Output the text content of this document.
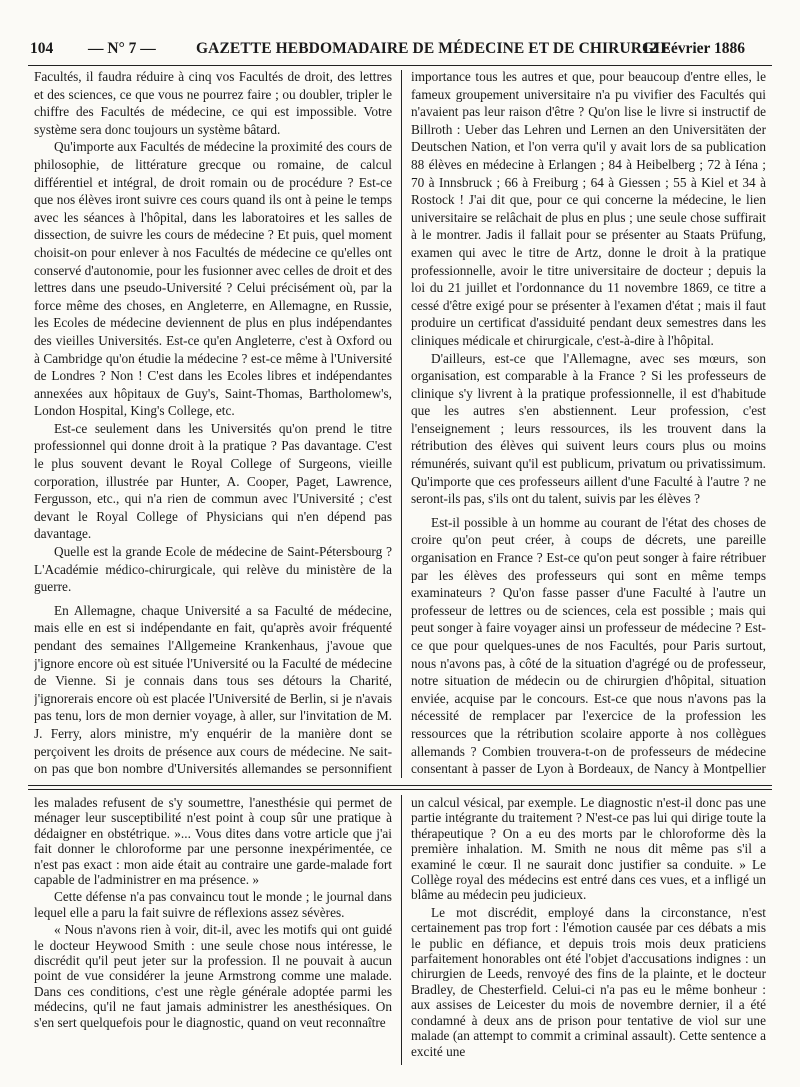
104 — N° 7 —	GAZETTE HEBDOMADAIRE DE MÉDECINE ET DE CHIRURGIE
12 Février 1886

Facultés, il faudra réduire à cinq vos Facultés de droit, des lettres et des sciences, ce que vous ne pourrez faire ; ou doubler, tripler le chiffre des Facultés de médecine, ce qui est impossible. Votre système sera donc toujours un système bâtard.

Qu'importe aux Facultés de médecine la proximité des cours de philosophie, de littérature grecque ou romaine, de calcul différentiel et intégral, de droit romain ou de procédure ? Est-ce que nos élèves iront suivre ces cours quand ils ont à peine le temps avec les séances à l'hôpital, dans les laboratoires et les salles de dissection, de suivre les cours de médecine ? Et puis, quel moment choisit-on pour enlever à nos Facultés de médecine ce qu'elles ont conservé d'autonomie, pour les fusionner avec celles de droit et des lettres dans une pseudo-Université ? Celui précisément où, par la force même des choses, en Angleterre, en Allemagne, en Russie, les Ecoles de médecine deviennent de plus en plus indépendantes des vieilles Universités. Est-ce qu'en Angleterre, c'est à Oxford ou à Cambridge qu'on étudie la médecine ? est-ce même à l'Université de Londres ? Non ! C'est dans les Ecoles libres et indépendantes annexées aux hôpitaux de Guy's, Saint-Thomas, Bartholomew's, London Hospital, King's College, etc.

Est-ce seulement dans les Universités qu'on prend le titre professionnel qui donne droit à la pratique ? Pas davantage. C'est le plus souvent devant le Royal College of Surgeons, vieille corporation, illustrée par Hunter, A. Cooper, Paget, Lawrence, Fergusson, etc., qui n'a rien de commun avec l'Université ; c'est devant le Royal College of Physicians qui n'en dépend pas davantage.

Quelle est la grande Ecole de médecine de Saint-Pétersbourg ? L'Académie médico-chirurgicale, qui relève du ministère de la guerre.

En Allemagne, chaque Université a sa Faculté de médecine, mais elle en est si indépendante en fait, qu'après avoir fréquenté pendant des semaines l'Allgemeine Krankenhaus, j'avoue que j'ignore encore où est située l'Université ou la Faculté de médecine de Vienne. Si je connais dans tous ses détours la Charité, j'ignorerais encore où est placée l'Université de Berlin, si je n'avais pas tenu, lors de mon dernier voyage, à aller, sur l'invitation de M. J. Ferry, alors ministre, m'y enquérir de la manière dont se perçoivent les droits de présence aux cours de médecine. Ne sait-on pas que bon nombre d'Universités allemandes se personnifient

importance tous les autres et que, pour beaucoup d'entre elles, le fameux groupement universitaire n'a pu vivifier des Facultés qui n'avaient pas leur raison d'être ? Qu'on lise le livre si instructif de Billroth : Ueber das Lehren und Lernen an den Universitäten der Deutschen Nation, et l'on verra qu'il y avait lors de sa publication 88 élèves en médecine à Erlangen ; 84 à Heibelberg ; 72 à Iéna ; 70 à Innsbruck ; 66 à Freiburg ; 64 à Giessen ; 55 à Kiel et 34 à Rostock ! J'ai dit que, pour ce qui concerne la médecine, le lien universitaire se relâchait de plus en plus ; une seule chose suffirait à le montrer. Jadis il fallait pour se présenter au Staats Prüfung, examen qui avec le titre de Artz, donne le droit à la pratique professionnelle, avoir le titre universitaire de docteur ; depuis la loi du 21 juillet et l'ordonnance du 11 novembre 1869, ce titre a cessé d'être exigé pour se présenter à l'examen d'état ; mais il faut produire un certificat d'assiduité pendant deux semestres dans les cliniques médicale et chirurgicale, c'est-à-dire à l'hôpital.

D'ailleurs, est-ce que l'Allemagne, avec ses mœurs, son organisation, est comparable à la France ? Si les professeurs de clinique s'y livrent à la pratique professionnelle, il est d'habitude que les autres s'en abstiennent. Leur profession, c'est l'enseignement ; leurs ressources, ils les trouvent dans la rétribution des élèves qui suivent leurs cours plus ou moins rémunérés, suivant qu'il est publicum, privatum ou privatissimum. Qu'importe que ces professeurs aillent d'une Faculté à l'autre ? ne seront-ils pas, s'ils ont du talent, suivis par les élèves ?

Est-il possible à un homme au courant de l'état des choses de croire qu'on peut créer, à coups de décrets, une pareille organisation en France ? Est-ce qu'on peut songer à faire rétribuer par les élèves des professeurs qui sont en même temps examinateurs ? Qu'on fasse passer d'une Faculté à l'autre un professeur de lettres ou de sciences, cela est possible ; mais qui peut songer à faire voyager ainsi un professeur de médecine ? Est-ce que pour quelques-unes de nos Facultés, pour Paris surtout, nous n'avons pas, à côté de la situation d'agrégé ou de professeur, notre situation de médecin ou de chirurgien d'hôpital, situation enviée, acquise par le concours. Est-ce que nous n'avons pas la nécessité de remplacer par l'exercice de la profession les ressources que la rétribution scolaire apporte à nos collègues allemands ? Combien trouvera-t-on de professeurs de médecine consentant à passer de Lyon à Bordeaux, de Nancy à Montpellier

les malades refusent de s'y soumettre, l'anesthésie qui permet de ménager leur susceptibilité n'est point à coup sûr une pratique à dédaigner en obstétrique. »... Vous dites dans votre article que j'ai fait donner le chloroforme par une personne inexpérimentée, ce n'est pas exact : mon aide était au contraire une garde-malade fort capable de l'administrer en ma présence. »

Cette défense n'a pas convaincu tout le monde ; le journal dans lequel elle a paru la fait suivre de réflexions assez sévères.

« Nous n'avons rien à voir, dit-il, avec les motifs qui ont guidé le docteur Heywood Smith : une seule chose nous intéresse, le discrédit qu'il peut jeter sur la profession. Il ne pouvait à aucun point de vue considérer la jeune Armstrong comme une malade. Dans ces conditions, c'est une règle générale adoptée parmi les médecins, qu'il ne faut jamais administrer les anesthésiques. On s'en sert quelquefois pour le diagnostic, quand on veut reconnaître

un calcul vésical, par exemple. Le diagnostic n'est-il donc pas une partie intégrante du traitement ? N'est-ce pas lui qui dirige toute la thérapeutique ? On a eu des morts par le chloroforme dès la première inhalation. M. Smith ne nous dit même pas s'il a examiné le cœur. Il ne saurait donc justifier sa conduite. » Le Collège royal des médecins est entré dans ces vues, et a infligé un blâme au médecin peu judicieux.

Le mot discrédit, employé dans la circonstance, n'est certainement pas trop fort : l'émotion causée par ces débats a mis le public en défiance, et depuis trois mois deux praticiens parfaitement honorables ont été l'objet d'accusations indignes : un chirurgien de Leeds, renvoyé des fins de la plainte, et le docteur Bradley, de Chesterfield. Celui-ci n'a pas eu le même bonheur : aux assises de Leicester du mois de novembre dernier, il a été condamné à deux ans de prison pour tentative de viol sur une malade (an attempt to commit a criminal assault). Cette sentence a excité une
